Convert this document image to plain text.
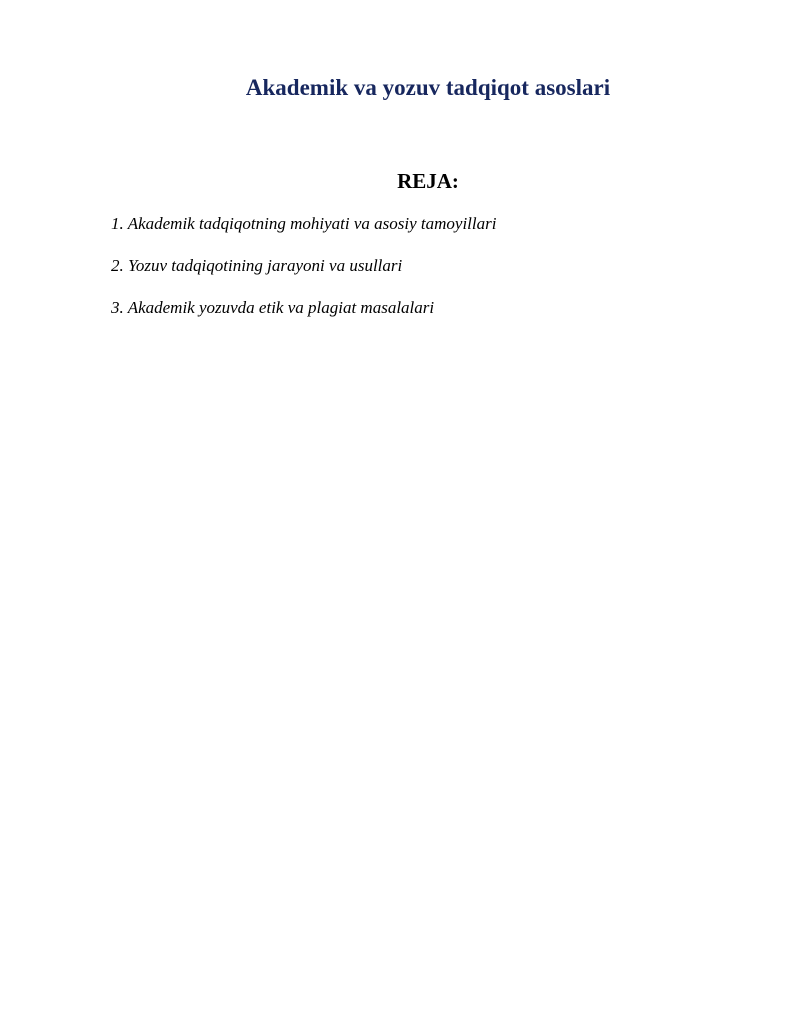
Akademik va yozuv tadqiqot asoslari
REJA:
1. Akademik tadqiqotning mohiyati va asosiy tamoyillari
2. Yozuv tadqiqotining jarayoni va usullari
3. Akademik yozuvda etik va plagiat masalalari
